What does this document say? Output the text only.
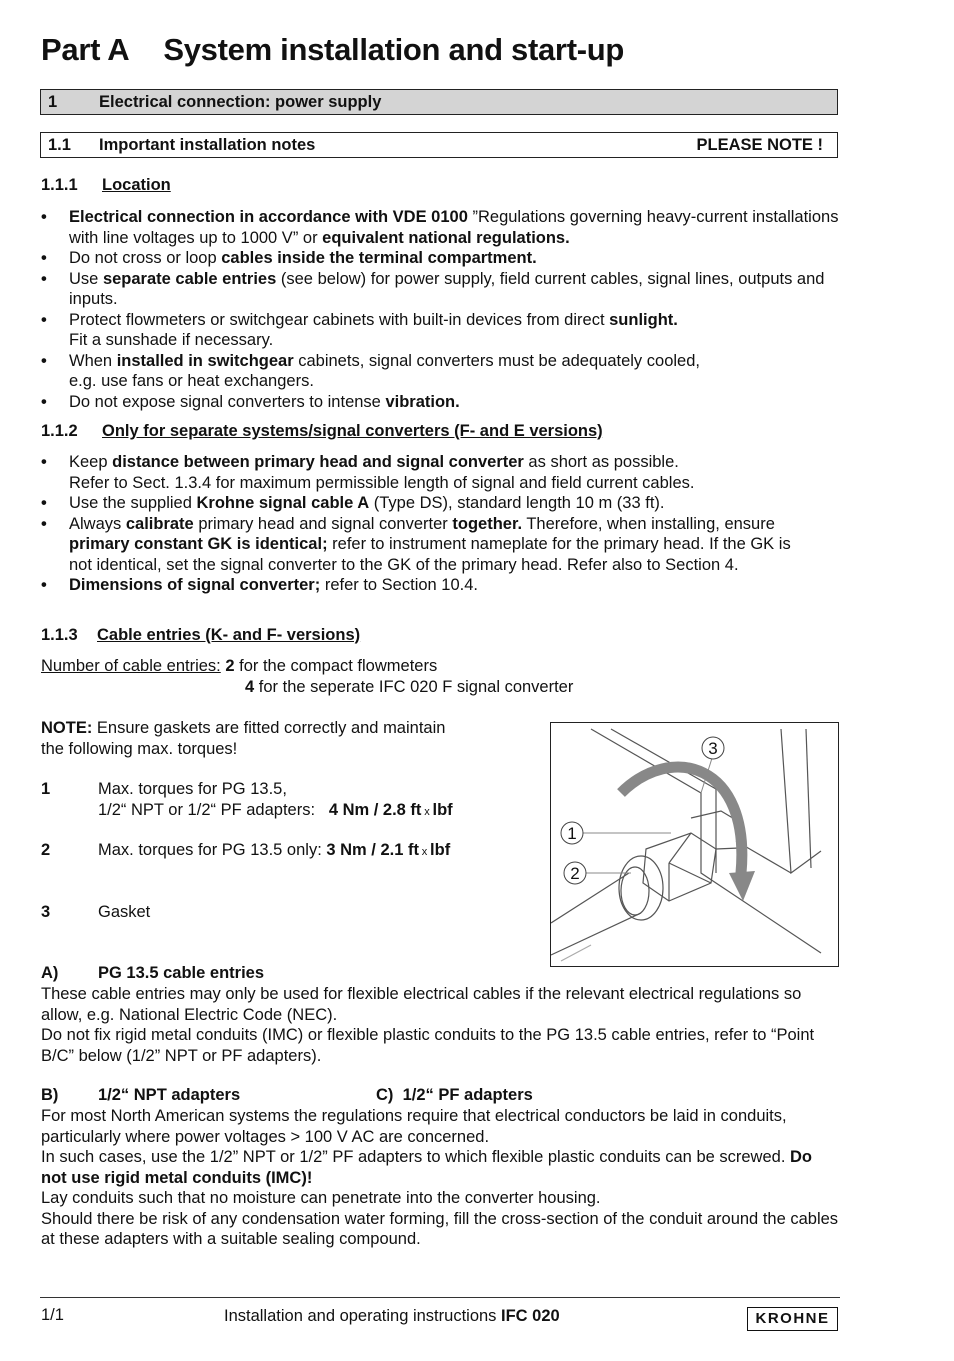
Part A System installation and start-up
1	Electrical connection: power supply
1.1 Important installation notes	PLEASE NOTE !
1.1.1 Location
• Electrical connection in accordance with VDE 0100 ”Regulations governing heavy-current installations with line voltages up to 1000 V” or equivalent national regulations.
• Do not cross or loop cables inside the terminal compartment.
• Use separate cable entries (see below) for power supply, field current cables, signal lines, outputs and inputs.
• Protect flowmeters or switchgear cabinets with built-in devices from direct sunlight.
Fit a sunshade if necessary.
• When installed in switchgear cabinets, signal converters must be adequately cooled,
e.g. use fans or heat exchangers.
• Do not expose signal converters to intense vibration.
1.1.2 Only for separate systems/signal converters (F- and E versions)
• Keep distance between primary head and signal converter as short as possible.
Refer to Sect. 1.3.4 for maximum permissible length of signal and field current cables.
• Use the supplied Krohne signal cable A (Type DS), standard length 10 m (33 ft).
• Always calibrate primary head and signal converter together. Therefore, when installing, ensure primary constant GK is identical; refer to instrument nameplate for the primary head. If the GK is not identical, set the signal converter to the GK of the primary head. Refer also to Section 4.
• Dimensions of signal converter; refer to Section 10.4.
1.1.3 Cable entries (K- and F- versions)
Number of cable entries: 2 for the compact flowmeters
4 for the seperate IFC 020 F signal converter
NOTE: Ensure gaskets are fitted correctly and maintain
the following max. torques!
1	Max. torques for PG 13.5,
1/2“ NPT or 1/2“ PF adapters: 4 Nm / 2.8 ft x lbf
2	Max. torques for PG 13.5 only: 3 Nm / 2.1 ft x lbf
3	Gasket
1
2
3
A) PG 13.5 cable entries
These cable entries may only be used for flexible electrical cables if the relevant electrical regulations so allow, e.g. National Electric Code (NEC).
Do not fix rigid metal conduits (IMC) or flexible plastic conduits to the PG 13.5 cable entries, refer to “Point B/C” below (1/2” NPT or PF adapters).
B) 1/2“ NPT adapters	C) 1/2“ PF adapters
For most North American systems the regulations require that electrical conductors be laid in conduits, particularly where power voltages > 100 V AC are concerned.
In such cases, use the 1/2” NPT or 1/2” PF adapters to which flexible plastic conduits can be screwed. Do not use rigid metal conduits (IMC)!
Lay conduits such that no moisture can penetrate into the converter housing.
Should there be risk of any condensation water forming, fill the cross-section of the conduit around the cables at these adapters with a suitable sealing compound.
1/1	Installation and operating instructions IFC 020	KROHNE
